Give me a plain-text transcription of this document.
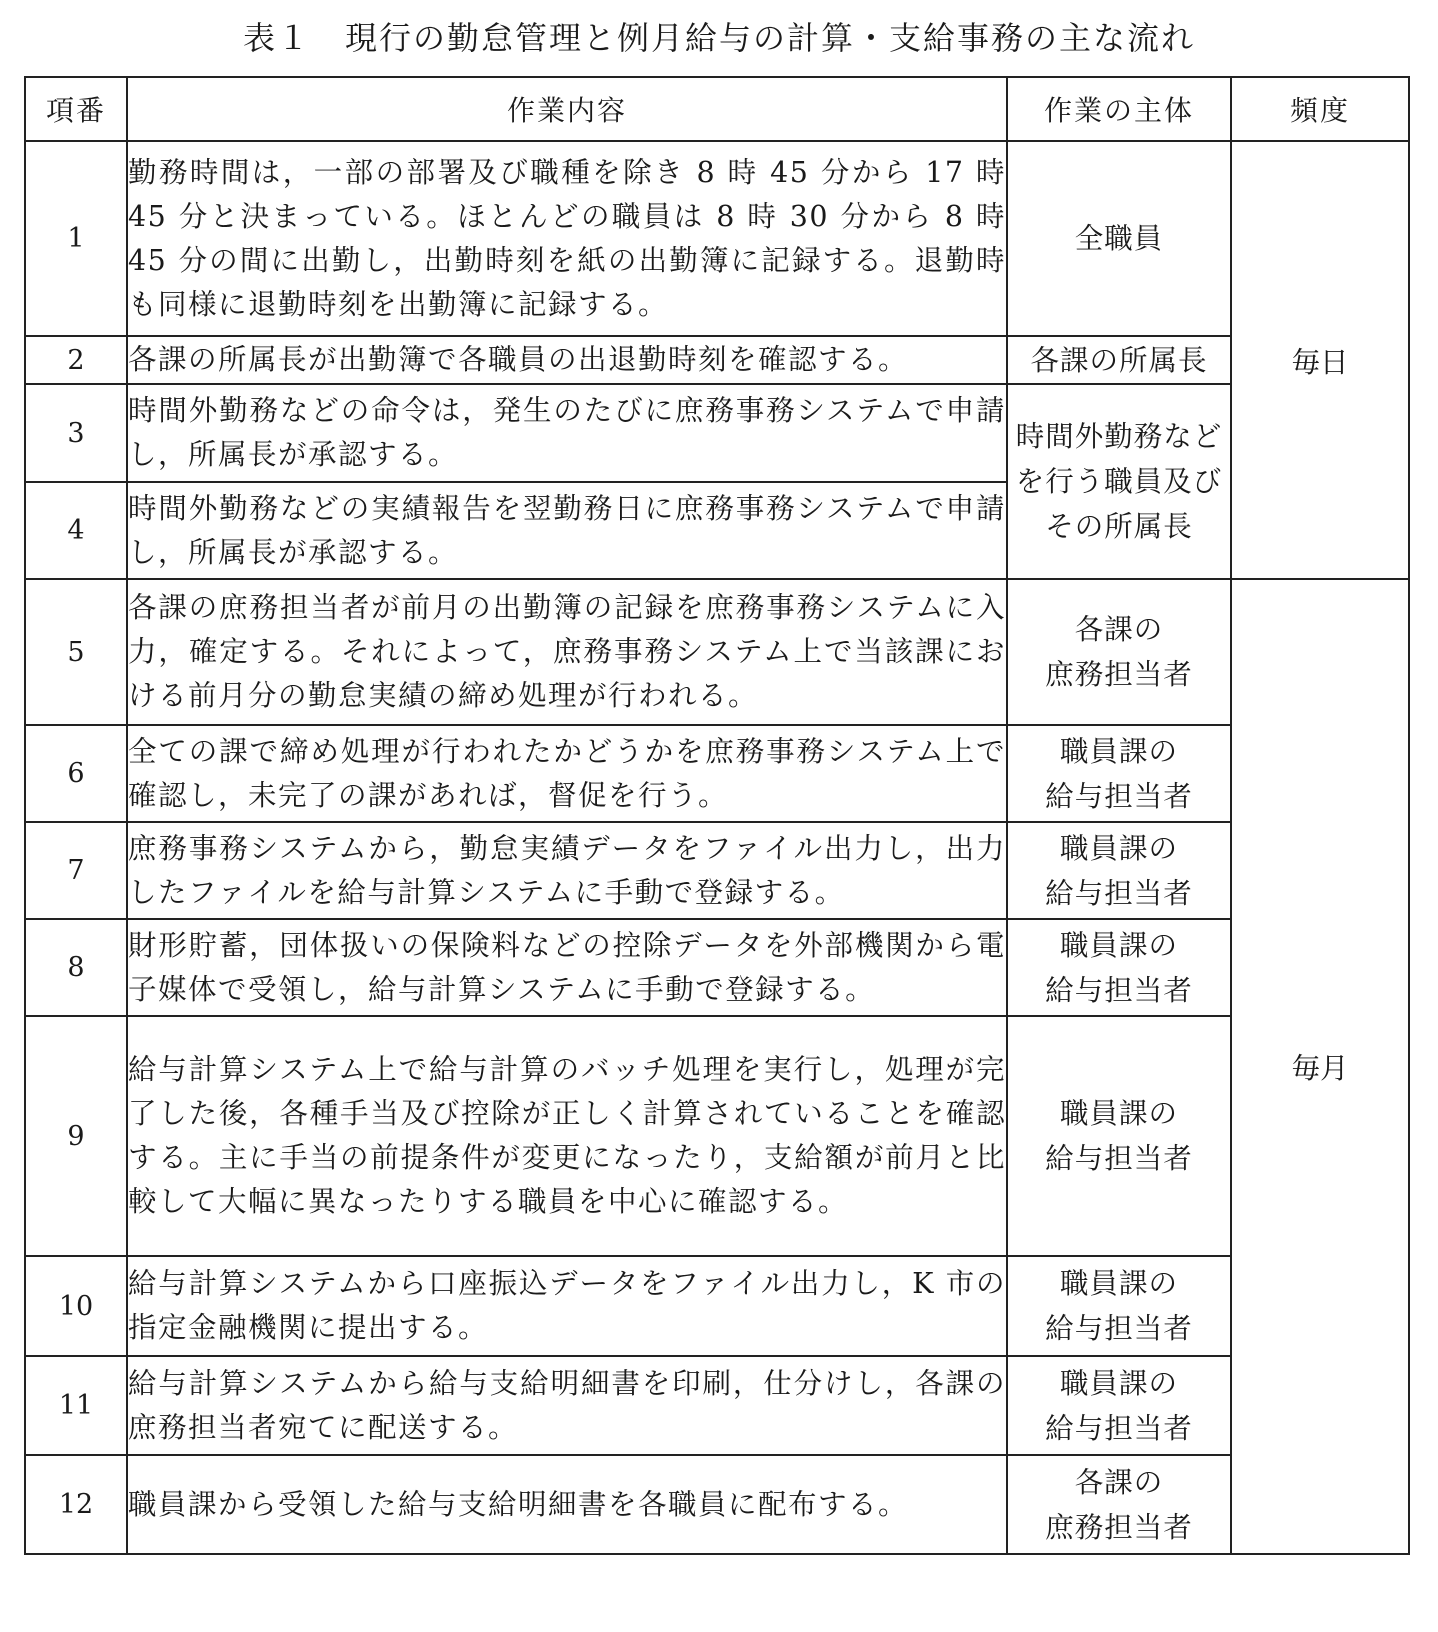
表１　現行の勤怠管理と例月給与の計算・支給事務の主な流れ
項番	作業内容	作業の主体	頻度
1	勤務時間は，一部の部署及び職種を除き 8 時 45 分から 17 時 45 分と決まっている。ほとんどの職員は 8 時 30 分から 8 時 45 分の間に出勤し，出勤時刻を紙の出勤簿に記録する。退勤時も同様に退勤時刻を出勤簿に記録する。	全職員	毎日

2	各課の所属長が出勤簿で各職員の出退勤時刻を確認する。	各課の所属長	
3	時間外勤務などの命令は，発生のたびに庶務事務システムで申請し，所属長が承認する。	時間外勤務などを行う職員及びその所属長	
4	時間外勤務などの実績報告を翌勤務日に庶務事務システムで申請し，所属長が承認する。		
5	各課の庶務担当者が前月の出勤簿の記録を庶務事務システムに入力，確定する。それによって，庶務事務システム上で当該課における前月分の勤怠実績の締め処理が行われる。	各課の
庶務担当者	毎月

6	全ての課で締め処理が行われたかどうかを庶務事務システム上で確認し，未完了の課があれば，督促を行う。	職員課の
給与担当者	

7	庶務事務システムから，勤怠実績データをファイル出力し，出力したファイルを給与計算システムに手動で登録する。	職員課の
給与担当者	

8	財形貯蓄，団体扱いの保険料などの控除データを外部機関から電子媒体で受領し，給与計算システムに手動で登録する。	職員課の
給与担当者	

9	給与計算システム上で給与計算のバッチ処理を実行し，処理が完了した後，各種手当及び控除が正しく計算されていることを確認する。主に手当の前提条件が変更になったり，支給額が前月と比較して大幅に異なったりする職員を中心に確認する。	職員課の
給与担当者	

10	給与計算システムから口座振込データをファイル出力し，K 市の指定金融機関に提出する。	職員課の
給与担当者	

11	給与計算システムから給与支給明細書を印刷，仕分けし，各課の庶務担当者宛てに配送する。	職員課の
給与担当者	

12	職員課から受領した給与支給明細書を各職員に配布する。	各課の
庶務担当者	
